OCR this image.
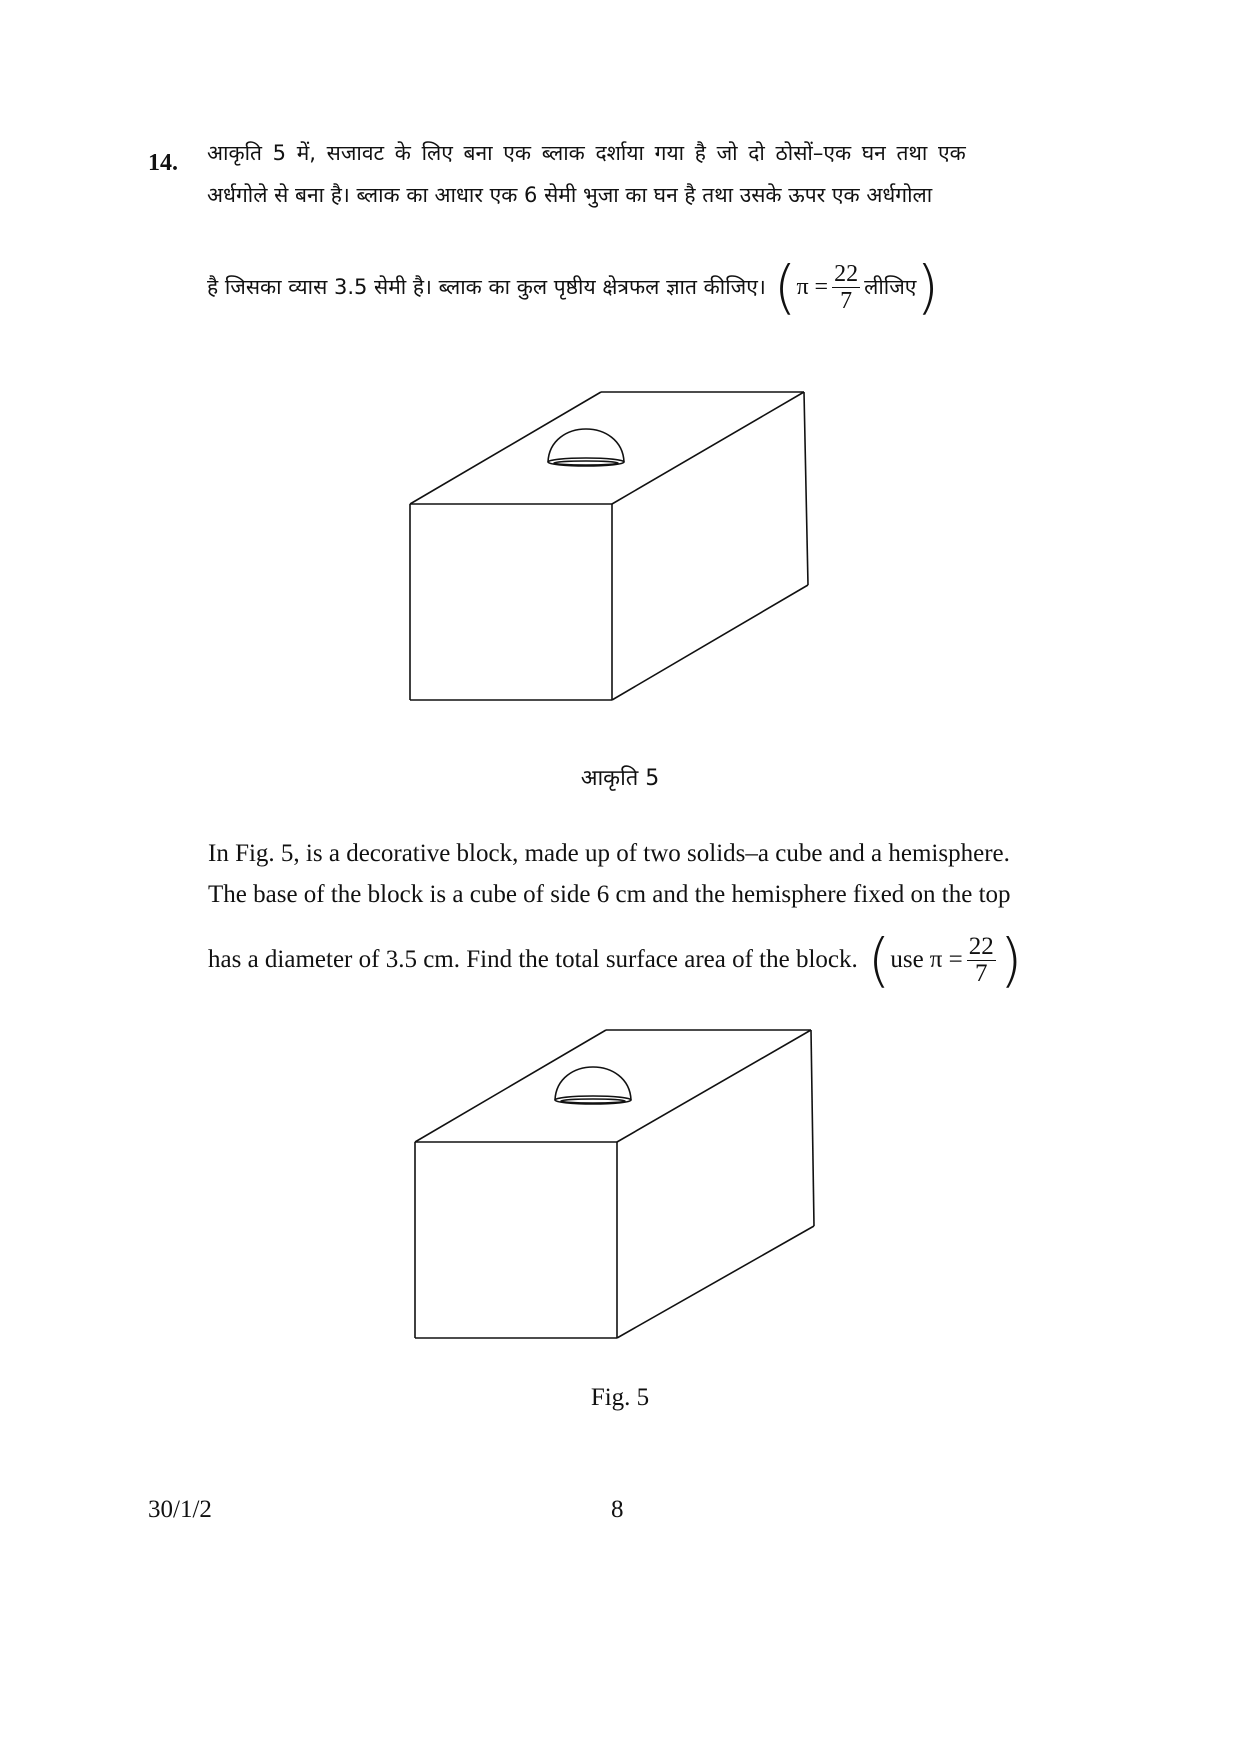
14. आकृति 5 में, सजावट के लिए बना एक ब्लाक दर्शाया गया है जो दो ठोसों–एक घन तथा एक
अर्धगोले से बना है। ब्लाक का आधार एक 6 सेमी भुजा का घन है तथा उसके ऊपर एक अर्धगोला
है जिसका व्यास 3.5 सेमी है। ब्लाक का कुल पृष्ठीय क्षेत्रफल ज्ञात कीजिए। ( $\pi = \frac{22}{7}$ लीजिए )
आकृति 5
In Fig. 5, is a decorative block, made up of two solids–a cube and a hemisphere.
The base of the block is a cube of side 6 cm and the hemisphere fixed on the top
has a diameter of 3.5 cm. Find the total surface area of the block. ( use $\pi = \frac{22}{7}$ )
Fig. 5
30/1/2	8
